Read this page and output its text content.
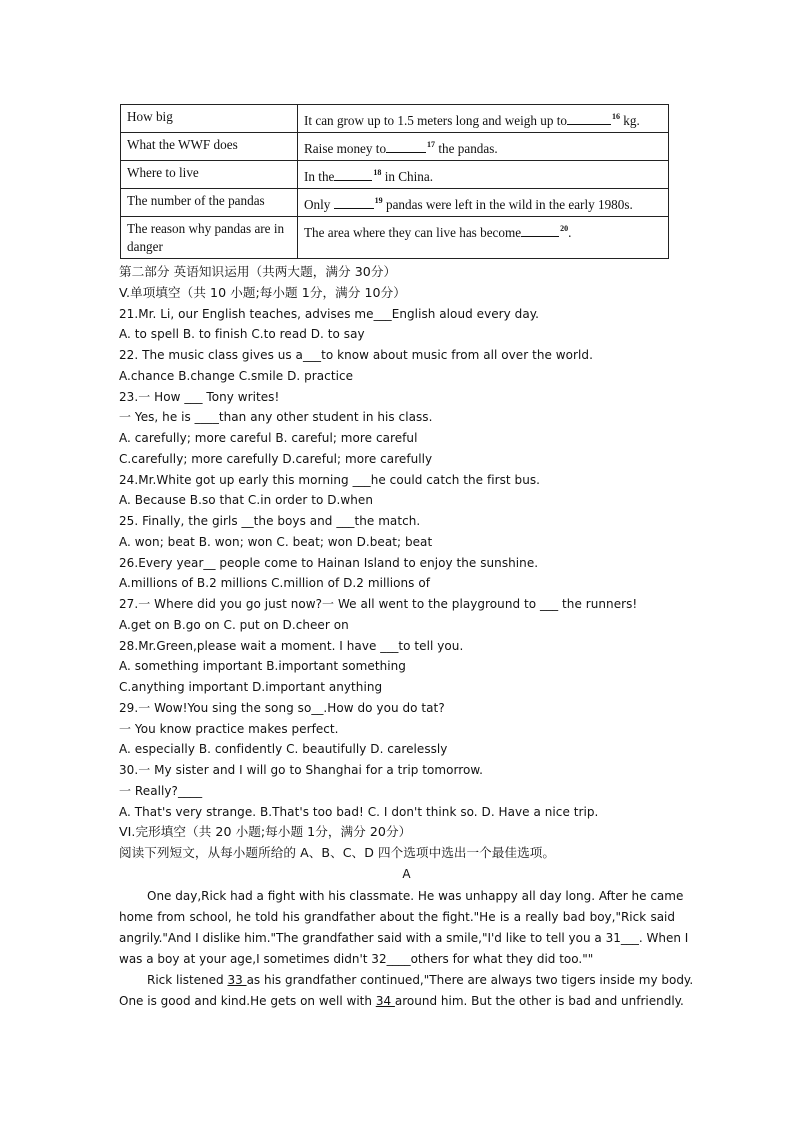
How big	It can grow up to 1.5 meters long and weigh up to $^{16}$ kg.
What the WWF does	Raise money to $^{17}$ the pandas.
Where to live	In the $^{18}$ in China.
The number of the pandas	Only $^{19}$ pandas were left in the wild in the early 1980s.
The reason why pandas are in danger	The area where they can live has become $^{20}$.
第二部分 英语知识运用（共两大题，满分 30分）
V.单项填空（共 10 小题;每小题 1分，满分 10分）
21.Mr. Li, our English teaches, advises me___English aloud every day.
A. to spell B. to finish C.to read D. to say
22. The music class gives us a___to know about music from all over the world.
A.chance B.change C.smile D. practice
23.一 How ___ Tony writes!
一 Yes, he is ____than any other student in his class.
A. carefully; more careful B. careful; more careful
C.carefully; more carefully D.careful; more carefully
24.Mr.White got up early this morning ___he could catch the first bus.
A. Because B.so that C.in order to D.when
25. Finally, the girls __the boys and ___the match.
A. won; beat B. won; won C. beat; won D.beat; beat
26.Every year__ people come to Hainan Island to enjoy the sunshine.
A.millions of B.2 millions C.million of D.2 millions of
27.一 Where did you go just now?一 We all went to the playground to ___ the runners!
A.get on B.go on C. put on D.cheer on
28.Mr.Green,please wait a moment. I have ___to tell you.
A. something important B.important something
C.anything important D.important anything
29.一 Wow!You sing the song so__.How do you do tat?
一 You know practice makes perfect.
A. especially B. confidently C. beautifully D. carelessly
30.一 My sister and I will go to Shanghai for a trip tomorrow.
一 Really?____
A. That's very strange. B.That's too bad! C. I don't think so. D. Have a nice trip.
VI.完形填空（共 20 小题;每小题 1分，满分 20分）
阅读下列短文，从每小题所给的 A、B、C、D 四个选项中选出一个最佳选项。
A
One day,Rick had a fight with his classmate. He was unhappy all day long. After he came
home from school, he told his grandfather about the fight."He is a really bad boy,"Rick said
angrily."And I dislike him."The grandfather said with a smile,"I'd like to tell you a 31___. When I
was a boy at your age,I sometimes didn't 32____others for what they did too.""
Rick listened 33 as his grandfather continued,"There are always two tigers inside my body.
One is good and kind.He gets on well with 34 around him. But the other is bad and unfriendly.
